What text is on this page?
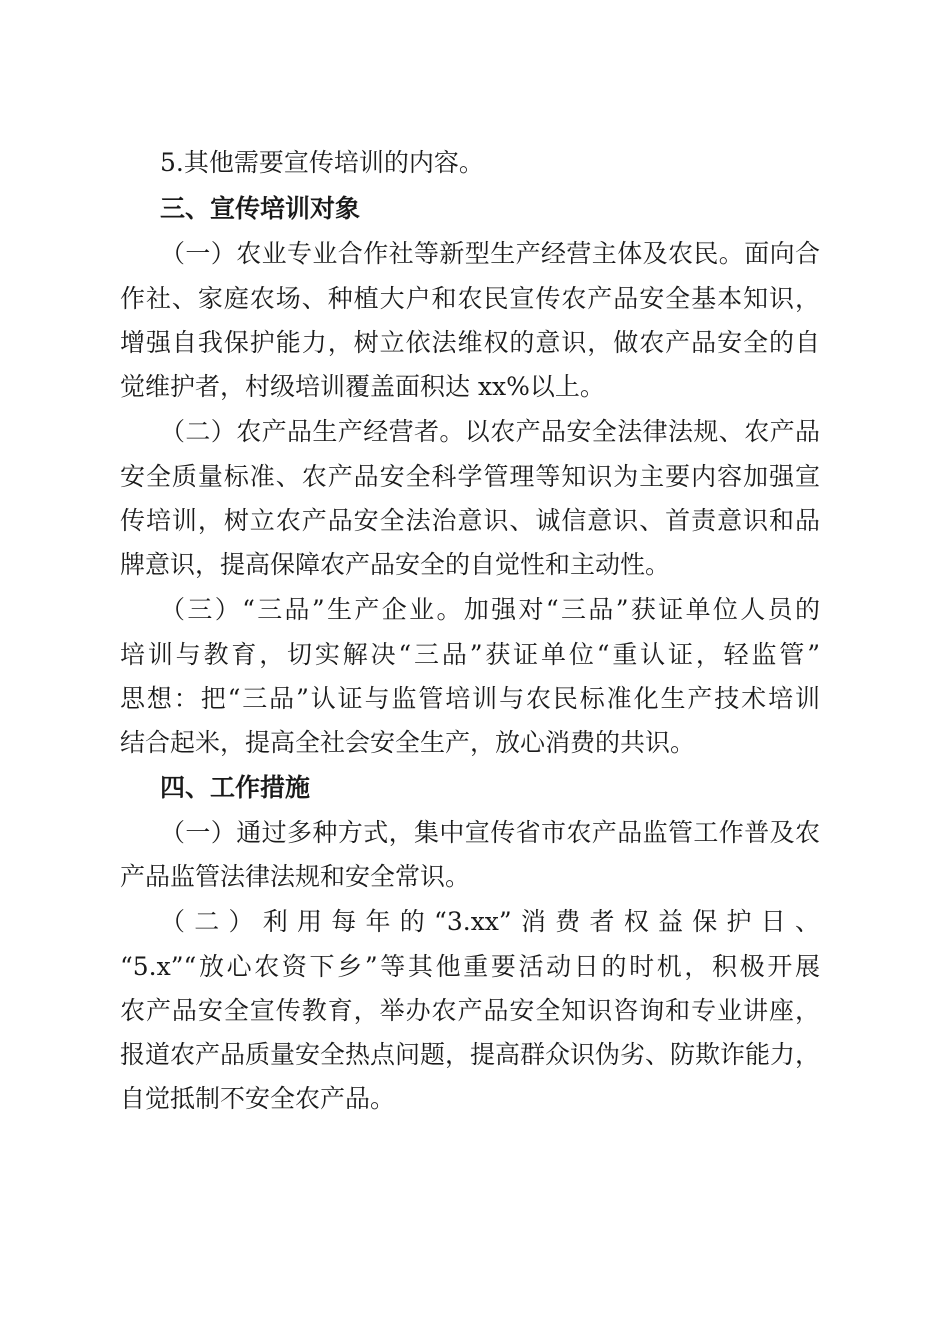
5.其他需要宣传培训的内容。
三、宣传培训对象
（一）农业专业合作社等新型生产经营主体及农民。面向合
作社、家庭农场、种植大户和农民宣传农产品安全基本知识，
增强自我保护能力，树立依法维权的意识，做农产品安全的自
觉维护者，村级培训覆盖面积达 xx%以上。
（二）农产品生产经营者。以农产品安全法律法规、农产品
安全质量标准、农产品安全科学管理等知识为主要内容加强宣
传培训，树立农产品安全法治意识、诚信意识、首责意识和品
牌意识，提高保障农产品安全的自觉性和主动性。
（三）“三品”生产企业。加强对“三品”获证单位人员的
培训与教育，切实解决“三品”获证单位“重认证，轻监管”
思想：把“三品”认证与监管培训与农民标准化生产技术培训
结合起米，提高全社会安全生产，放心消费的共识。
四、工作措施
（一）通过多种方式，集中宣传省市农产品监管工作普及农
产品监管法律法规和安全常识。
（二）利用每年的“3.xx”消费者权益保护日、
“5.x”“放心农资下乡”等其他重要活动日的时机，积极开展
农产品安全宣传教育，举办农产品安全知识咨询和专业讲座，
报道农产品质量安全热点问题，提高群众识伪劣、防欺诈能力，
自觉抵制不安全农产品。
